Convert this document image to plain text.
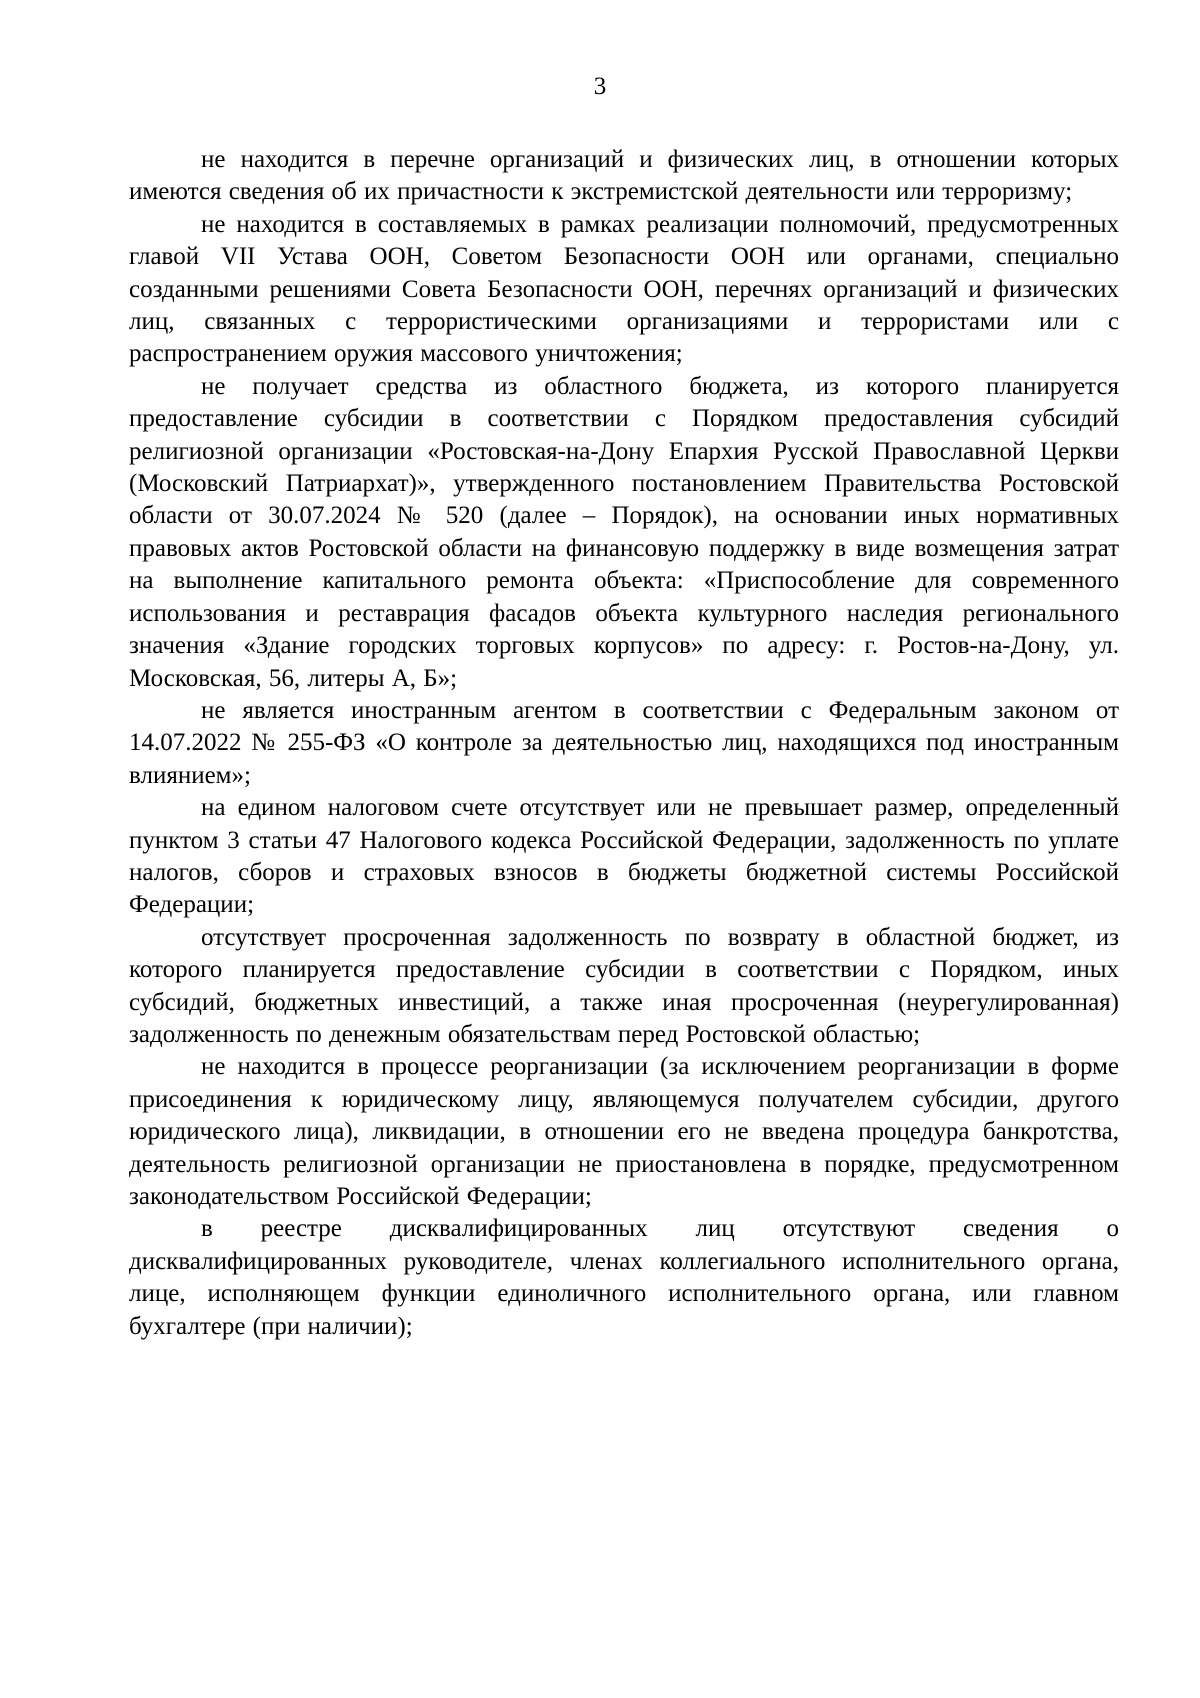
3

не находится в перечне организаций и физических лиц, в отношении которых имеются сведения об их причастности к экстремистской деятельности или терроризму;

не находится в составляемых в рамках реализации полномочий, предусмотренных главой VII Устава ООН, Советом Безопасности ООН или органами, специально созданными решениями Совета Безопасности ООН, перечнях организаций и физических лиц, связанных с террористическими организациями и террористами или с распространением оружия массового уничтожения;

не получает средства из областного бюджета, из которого планируется предоставление субсидии в соответствии с Порядком предоставления субсидий религиозной организации «Ростовская-на-Дону Епархия Русской Православной Церкви (Московский Патриархат)», утвержденного постановлением Правительства Ростовской области от 30.07.2024 № 520 (далее – Порядок), на основании иных нормативных правовых актов Ростовской области на финансовую поддержку в виде возмещения затрат на выполнение капитального ремонта объекта: «Приспособление для современного использования и реставрация фасадов объекта культурного наследия регионального значения «Здание городских торговых корпусов» по адресу: г. Ростов-на-Дону, ул. Московская, 56, литеры А, Б»;

не является иностранным агентом в соответствии с Федеральным законом от 14.07.2022 № 255-ФЗ «О контроле за деятельностью лиц, находящихся под иностранным влиянием»;

на едином налоговом счете отсутствует или не превышает размер, определенный пунктом 3 статьи 47 Налогового кодекса Российской Федерации, задолженность по уплате налогов, сборов и страховых взносов в бюджеты бюджетной системы Российской Федерации;

отсутствует просроченная задолженность по возврату в областной бюджет, из которого планируется предоставление субсидии в соответствии с Порядком, иных субсидий, бюджетных инвестиций, а также иная просроченная (неурегулированная) задолженность по денежным обязательствам перед Ростовской областью;

не находится в процессе реорганизации (за исключением реорганизации в форме присоединения к юридическому лицу, являющемуся получателем субсидии, другого юридического лица), ликвидации, в отношении его не введена процедура банкротства, деятельность религиозной организации не приостановлена в порядке, предусмотренном законодательством Российской Федерации;

в реестре дисквалифицированных лиц отсутствуют сведения о дисквалифицированных руководителе, членах коллегиального исполнительного органа, лице, исполняющем функции единоличного исполнительного органа, или главном бухгалтере (при наличии);
